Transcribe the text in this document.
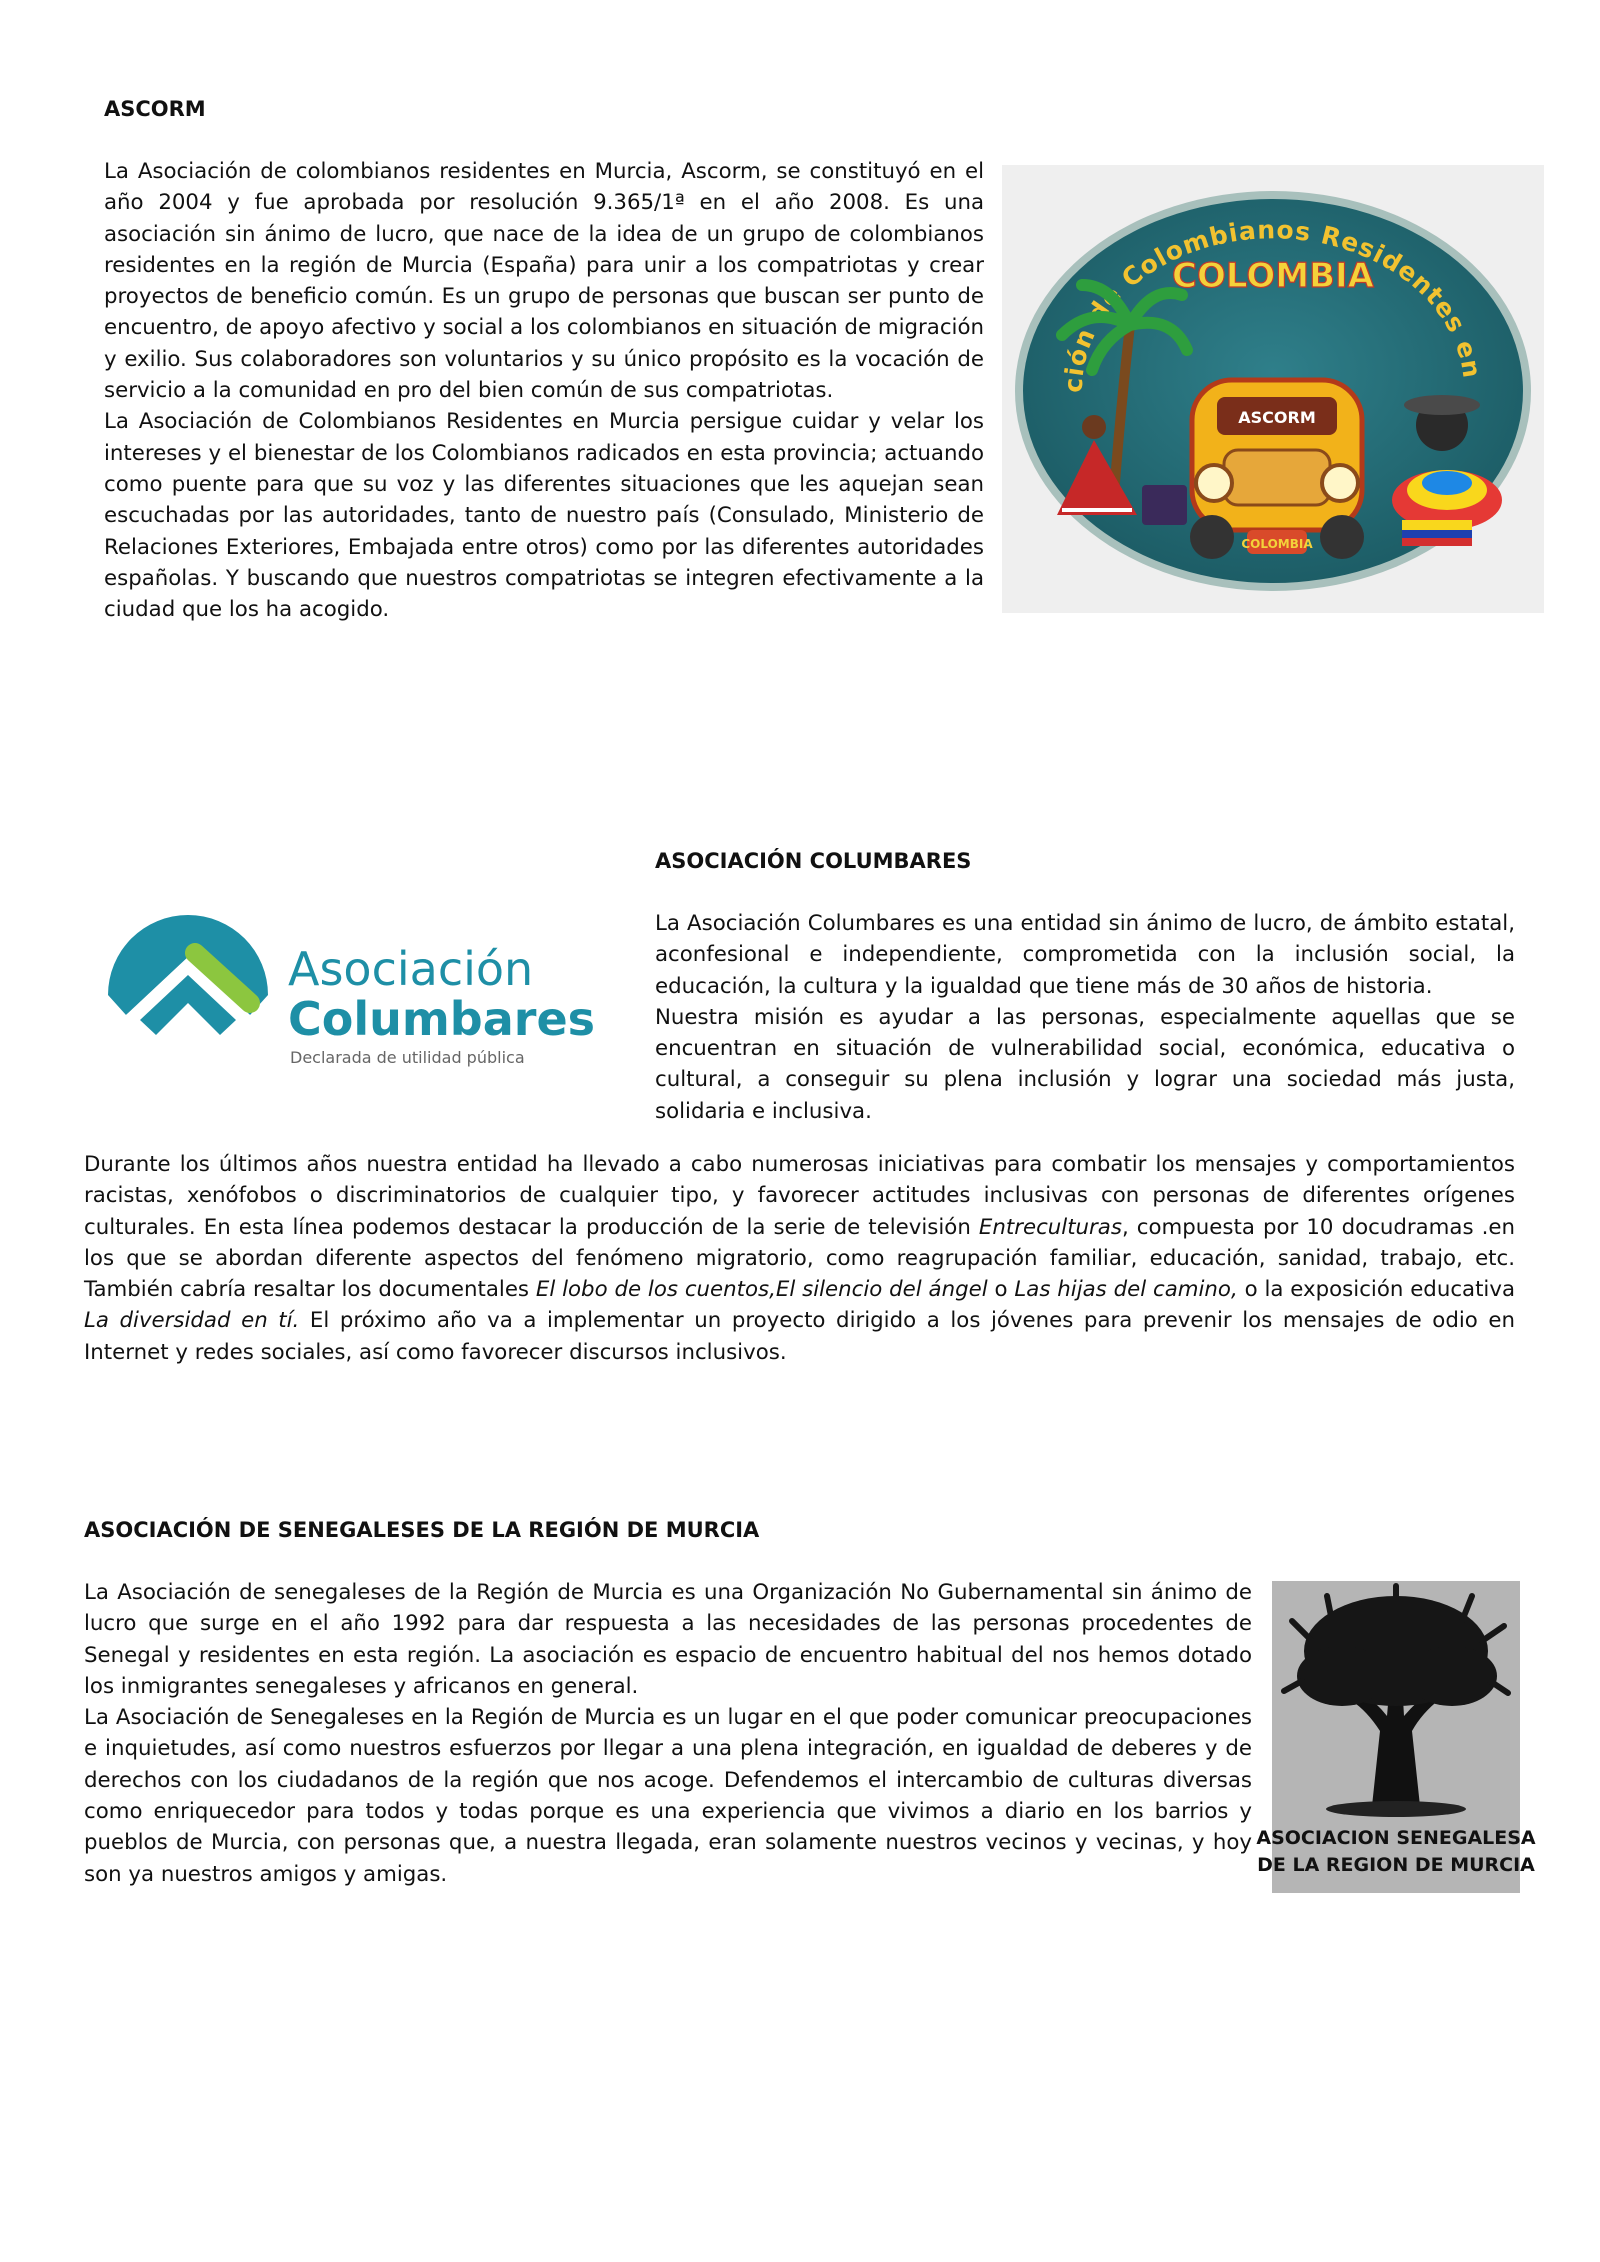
ASCORM

La Asociación de colombianos residentes en Murcia, Ascorm, se constituyó en el año 2004 y fue aprobada por resolución 9.365/1ª en el año 2008. Es una asociación sin ánimo de lucro, que nace de la idea de un grupo de colombianos residentes en la región de Murcia (España) para unir a los compatriotas y crear proyectos de beneficio común. Es un grupo de personas que buscan ser punto de encuentro, de apoyo afectivo y social a los colombianos en situación de migración y exilio. Sus colaboradores son voluntarios y su único propósito es la vocación de servicio a la comunidad en pro del bien común de sus compatriotas.

La Asociación de Colombianos Residentes en Murcia persigue cuidar y velar los intereses y el bienestar de los Colombianos radicados en esta provincia; actuando como puente para que su voz y las diferentes situaciones que les aquejan sean escuchadas por las autoridades, tanto de nuestro país (Consulado, Ministerio de Relaciones Exteriores, Embajada entre otros) como por las diferentes autoridades españolas. Y buscando que nuestros compatriotas se integren efectivamente a la ciudad que los ha acogido.

ción de Colombianos Residentes en
COLOMBIA
ASCORM
COLOMBIA
Asociación
Columbares
Declarada de utilidad pública
ASOCIACIÓN COLUMBARES

La Asociación Columbares es una entidad sin ánimo de lucro, de ámbito estatal, aconfesional e independiente, comprometida con la inclusión social, la educación, la cultura y la igualdad que tiene más de 30 años de historia.

Nuestra misión es ayudar a las personas, especialmente aquellas que se encuentran en situación de vulnerabilidad social, económica, educativa o cultural, a conseguir su plena inclusión y lograr una sociedad más justa, solidaria e inclusiva.

Durante los últimos años nuestra entidad ha llevado a cabo numerosas iniciativas para combatir los mensajes y comportamientos racistas, xenófobos o discriminatorios de cualquier tipo, y favorecer actitudes inclusivas con personas de diferentes orígenes culturales. En esta línea podemos destacar la producción de la serie de televisión Entreculturas, compuesta por 10 docudramas .en los que se abordan diferente aspectos del fenómeno migratorio, como reagrupación familiar, educación, sanidad, trabajo, etc. También cabría resaltar los documentales El lobo de los cuentos,El silencio del ángel o Las hijas del camino, o la exposición educativa La diversidad en tí. El próximo año va a implementar un proyecto dirigido a los jóvenes para prevenir los mensajes de odio en Internet y redes sociales, así como favorecer discursos inclusivos.

ASOCIACIÓN DE SENEGALESES DE LA REGIÓN DE MURCIA

La Asociación de senegaleses de la Región de Murcia es una Organización No Gubernamental sin ánimo de lucro que surge en el año 1992 para dar respuesta a las necesidades de las personas procedentes de Senegal y residentes en esta región. La asociación es espacio de encuentro habitual del nos hemos dotado los inmigrantes senegaleses y africanos en general.

La Asociación de Senegaleses en la Región de Murcia es un lugar en el que poder comunicar preocupaciones e inquietudes, así como nuestros esfuerzos por llegar a una plena integración, en igualdad de deberes y de derechos con los ciudadanos de la región que nos acoge. Defendemos el intercambio de culturas diversas como enriquecedor para todos y todas porque es una experiencia que vivimos a diario en los barrios y pueblos de Murcia, con personas que, a nuestra llegada, eran solamente nuestros vecinos y vecinas, y hoy son ya nuestros amigos y amigas.

ASOCIACION SENEGALESA
DE LA REGION DE MURCIA
